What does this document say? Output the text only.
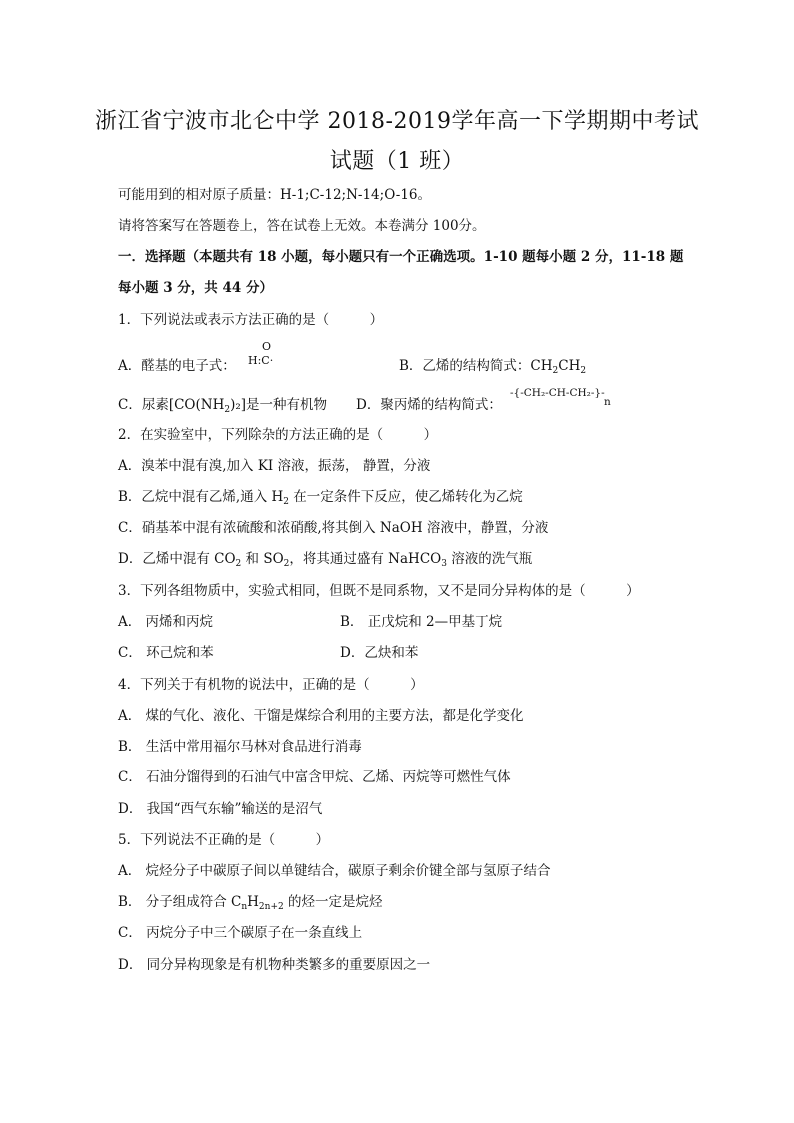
浙江省宁波市北仑中学 2018-2019学年高一下学期期中考试
试题（1 班）
可能用到的相对原子质量：H-1;C-12;N-14;O-16。
请将答案写在答题卷上，答在试卷上无效。本卷满分 100分。
一．选择题（本题共有 18 小题，每小题只有一个正确选项。1-10 题每小题 2 分，11-18 题
每小题 3 分，共 44 分）
1．下列说法或表示方法正确的是（　　　）
A．醛基的电子式：
O
H:C·	B．乙烯的结构简式：$CH_2CH_2$
C．尿素$[CO(NH_2)_2]$是一种有机物 D．聚丙烯的结构简式：
-{-CH₂-CH-CH₂-}-
n
2．在实验室中，下列除杂的方法正确的是（　　　）
A．溴苯中混有溴,加入 KI 溶液，振荡， 静置，分液
B．乙烷中混有乙烯,通入 $H_2$ 在一定条件下反应，使乙烯转化为乙烷
C．硝基苯中混有浓硫酸和浓硝酸,将其倒入 NaOH 溶液中，静置，分液
D．乙烯中混有 $CO_2$ 和 $SO_2$，将其通过盛有 NaHCO$_3$ 溶液的洗气瓶
3．下列各组物质中，实验式相同，但既不是同系物，又不是同分异构体的是（　　　）
A． 丙烯和丙烷	B． 正戊烷和 2—甲基丁烷
C． 环己烷和苯	D．乙炔和苯
4．下列关于有机物的说法中，正确的是（　　　）
A． 煤的气化、液化、干馏是煤综合利用的主要方法，都是化学变化
B． 生活中常用福尔马林对食品进行消毒
C． 石油分馏得到的石油气中富含甲烷、乙烯、丙烷等可燃性气体
D． 我国“西气东输”输送的是沼气
5．下列说法不正确的是（　　　）
A． 烷烃分子中碳原子间以单键结合，碳原子剩余价键全部与氢原子结合
B． 分子组成符合 $C_nH_{2n+2}$ 的烃一定是烷烃
C． 丙烷分子中三个碳原子在一条直线上
D． 同分异构现象是有机物种类繁多的重要原因之一
